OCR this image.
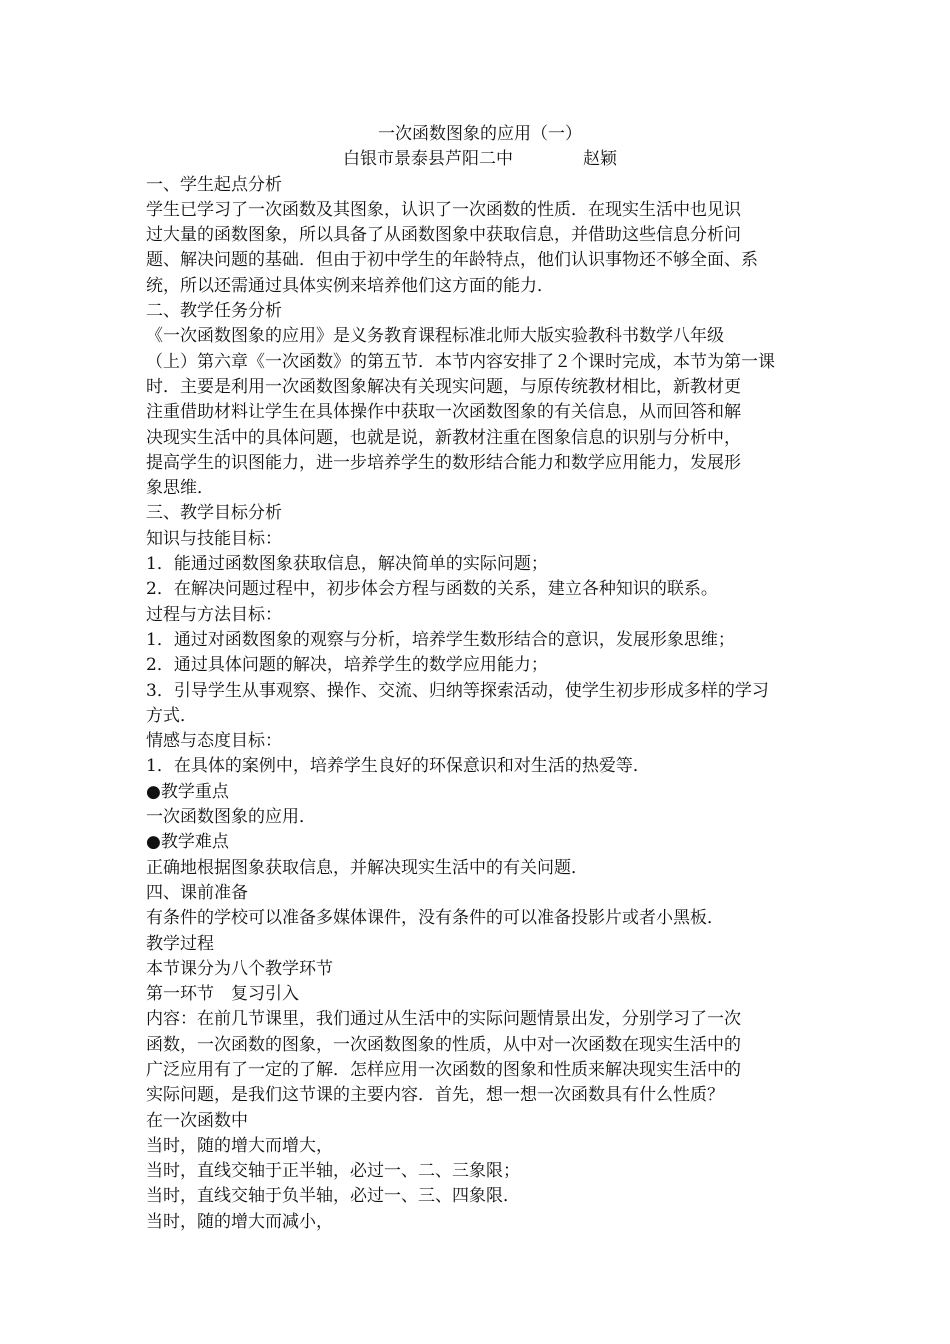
一次函数图象的应用（一）
白银市景泰县芦阳二中	赵颖
一、学生起点分析
学生已学习了一次函数及其图象，认识了一次函数的性质．在现实生活中也见识
过大量的函数图象，所以具备了从函数图象中获取信息，并借助这些信息分析问
题、解决问题的基础．但由于初中学生的年龄特点，他们认识事物还不够全面、系
统，所以还需通过具体实例来培养他们这方面的能力．
二、教学任务分析
《一次函数图象的应用》是义务教育课程标准北师大版实验教科书数学八年级
（上）第六章《一次函数》的第五节．本节内容安排了２个课时完成，本节为第一课
时．主要是利用一次函数图象解决有关现实问题，与原传统教材相比，新教材更
注重借助材料让学生在具体操作中获取一次函数图象的有关信息，从而回答和解
决现实生活中的具体问题，也就是说，新教材注重在图象信息的识别与分析中，
提高学生的识图能力，进一步培养学生的数形结合能力和数学应用能力，发展形
象思维．
三、教学目标分析
知识与技能目标：
1．能通过函数图象获取信息，解决简单的实际问题；
2．在解决问题过程中，初步体会方程与函数的关系，建立各种知识的联系。
过程与方法目标：
1．通过对函数图象的观察与分析，培养学生数形结合的意识，发展形象思维；
2．通过具体问题的解决，培养学生的数学应用能力；
3．引导学生从事观察、操作、交流、归纳等探索活动，使学生初步形成多样的学习
方式．
情感与态度目标：
1．在具体的案例中，培养学生良好的环保意识和对生活的热爱等．
●教学重点
一次函数图象的应用．
●教学难点
正确地根据图象获取信息，并解决现实生活中的有关问题．
四、课前准备
有条件的学校可以准备多媒体课件，没有条件的可以准备投影片或者小黑板．
教学过程
本节课分为八个教学环节
第一环节　复习引入
内容：在前几节课里，我们通过从生活中的实际问题情景出发，分别学习了一次
函数，一次函数的图象，一次函数图象的性质，从中对一次函数在现实生活中的
广泛应用有了一定的了解．怎样应用一次函数的图象和性质来解决现实生活中的
实际问题，是我们这节课的主要内容．首先，想一想一次函数具有什么性质？
在一次函数中
当时，随的增大而增大，
当时，直线交轴于正半轴，必过一、二、三象限；
当时，直线交轴于负半轴，必过一、三、四象限．
当时，随的增大而减小，
